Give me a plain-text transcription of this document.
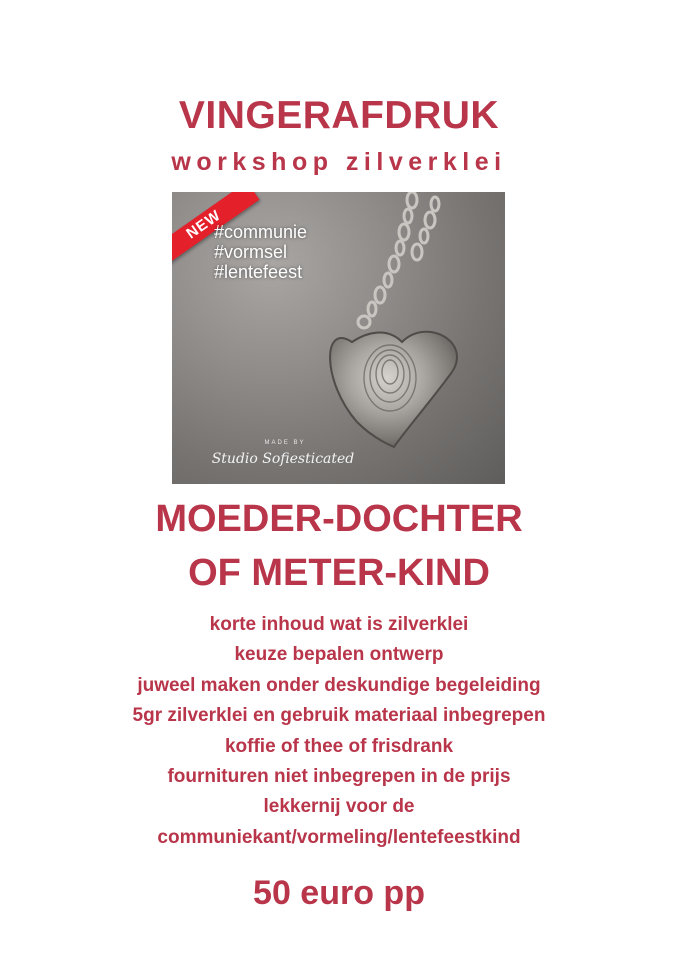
VINGERAFDRUK
workshop zilverklei
NEW
#communie
#vormsel
#lentefeest
MADE BY
Studio Sofiesticated
MOEDER-DOCHTER
OF METER-KIND
korte inhoud wat is zilverklei
keuze bepalen ontwerp
juweel maken onder deskundige begeleiding
5gr zilverklei en gebruik materiaal inbegrepen
koffie of thee of frisdrank
fournituren niet inbegrepen in de prijs
lekkernij voor de
communiekant/vormeling/lentefeestkind
50 euro pp
